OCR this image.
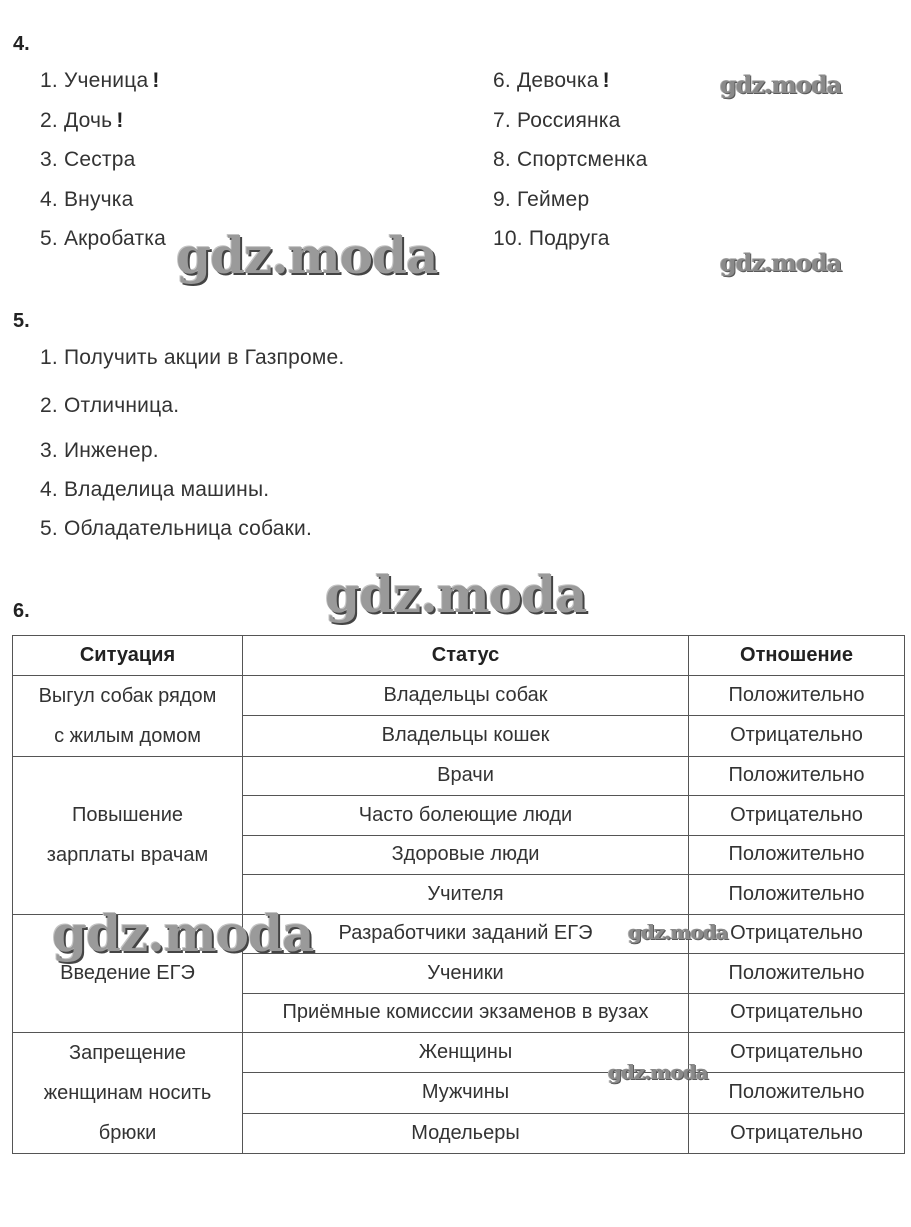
4.
1. Ученица !
2. Дочь !
3. Сестра
4. Внучка
5. Акробатка
6. Девочка !
7. Россиянка
8. Спортсменка
9. Геймер
10. Подруга
5.
1. Получить акции в Газпроме.
2. Отличница.
3. Инженер.
4. Владелица машины.
5. Обладательница собаки.
6.
Ситуация	Статус	Отношение

Выгул собак рядом
с жилым домом	Владельцы собак	Положительно
	Владельцы кошек	Отрицательно

Повышение
зарплаты врачам	Врачи	Положительно
	Часто болеющие люди	Отрицательно
	Здоровые люди	Положительно
	Учителя	Положительно

Введение ЕГЭ	Разработчики заданий ЕГЭ	Отрицательно
	Ученики	Положительно
	Приёмные комиссии экзаменов в вузах	Отрицательно

Запрещение
женщинам носить
брюки	Женщины	Отрицательно
	Мужчины	Положительно
	Модельеры	Отрицательно
gdz.moda
gdz.moda	gdz.moda
gdz.moda
gdz.moda	gdz.moda
gdz.moda
